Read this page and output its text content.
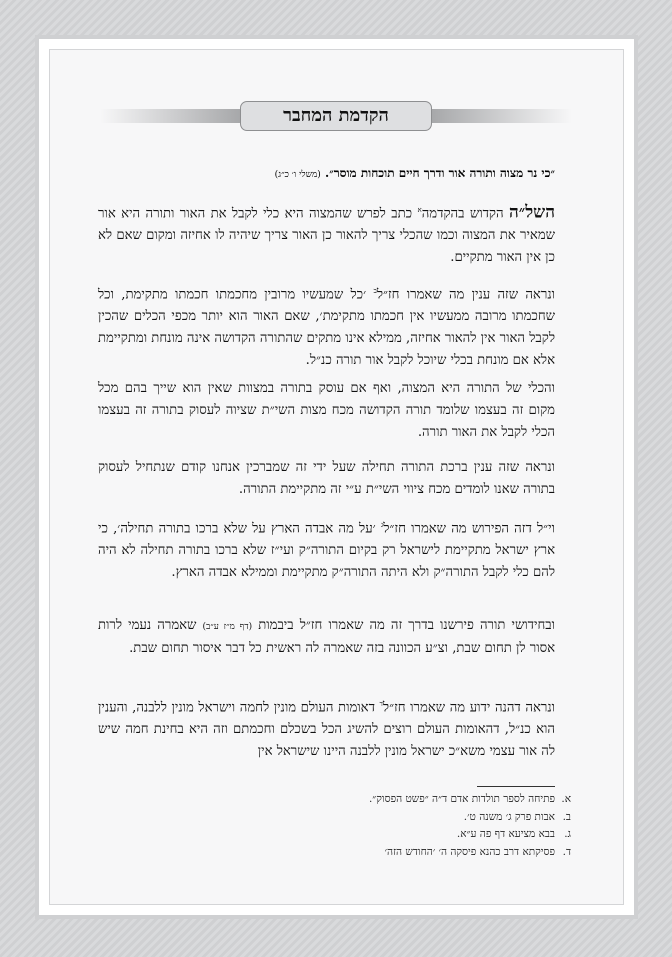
הקדמת המחבר
״כי נר מצוה ותורה אור ודרך חיים תוכחות מוסר״. (משלי ו׳ כ״ג)
השל״ה הקדוש בהקדמה$^א$ כתב לפרש שהמצוה היא כלי לקבל את האור ותורה היא אור שמאיר את המצוה וכמו שהכלי צריך להאור כן האור צריך שיהיה לו אחיזה ומקום שאם לא כן אין האור מתקיים.
ונראה שזה ענין מה שאמרו חז״ל$^ב$ ׳כל שמעשיו מרובין מחכמתו חכמתו מתקימת, וכל שחכמתו מרובה ממעשיו אין חכמתו מתקימת׳, שאם האור הוא יותר מכפי הכלים שהכין לקבל האור אין להאור אחיזה, ממילא אינו מתקים שהתורה הקדושה אינה מונחת ומתקיימת אלא אם מונחת בכלי שיוכל לקבל אור תורה כנ״ל.
והכלי של התורה היא המצוה, ואף אם עוסק בתורה במצוות שאין הוא שייך בהם מכל מקום זה בעצמו שלומד תורה הקדושה מכח מצות השי״ת שציוה לעסוק בתורה זה בעצמו הכלי לקבל את האור תורה.
ונראה שזה ענין ברכת התורה תחילה שעל ידי זה שמברכין אנחנו קודם שנתחיל לעסוק בתורה שאנו לומדים מכח ציווי השי״ת ע״י זה מתקיימת התורה.
וי״ל דזה הפירוש מה שאמרו חז״ל$^ג$ ׳על מה אבדה הארץ על שלא ברכו בתורה תחילה׳, כי ארץ ישראל מתקיימת לישראל רק בקיום התורה״ק ועי״ז שלא ברכו בתורה תחילה לא היה להם כלי לקבל התורה״ק ולא היתה התורה״ק מתקיימת וממילא אבדה הארץ.
ובחידושי תורה פירשנו בדרך זה מה שאמרו חז״ל ביבמות (דף מ״ז ע״ב) שאמרה נעמי לרות אסור לן תחום שבת, וצ״ע הכוונה בזה שאמרה לה ראשית כל דבר איסור תחום שבת.
ונראה דהנה ידוע מה שאמרו חז״ל$^ד$ דאומות העולם מונין לחמה וישראל מונין ללבנה, והענין הוא כנ״ל, דהאומות העולם רוצים להשיג הכל בשכלם וחכמתם וזה היא בחינת חמה שיש לה אור עצמי משא״כ ישראל מונין ללבנה היינו שישראל אין
א.
פתיחה לספר תולדות אדם ד״ה ״פשט הפסוק״.
ב.
אבות פרק ג׳ משנה ט׳.
ג.
בבא מציעא דף פה ע״א.
ד.
פסיקתא דרב כהנא פיסקה ה׳ ׳החודש הזה׳
